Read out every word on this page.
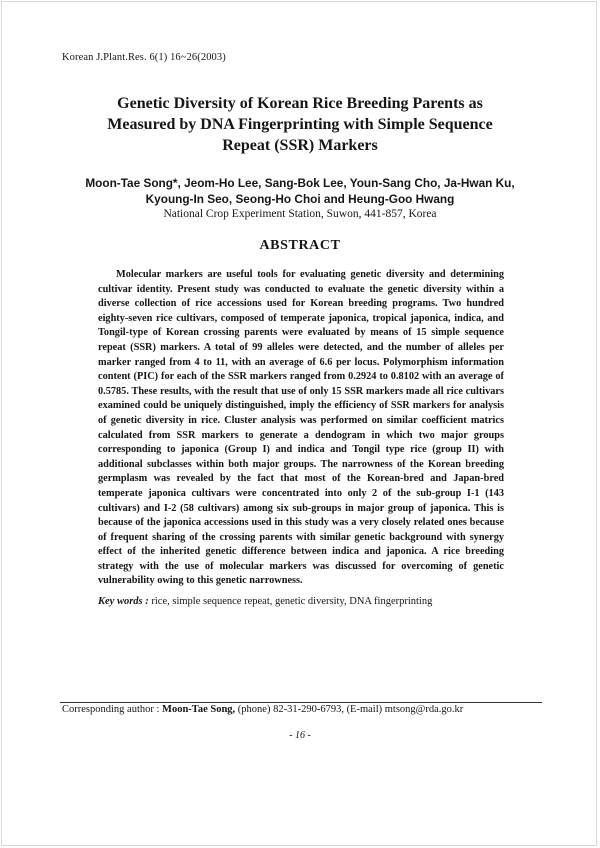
Korean J.Plant.Res. 6(1) 16~26(2003)
Genetic Diversity of Korean Rice Breeding Parents as Measured by DNA Fingerprinting with Simple Sequence Repeat (SSR) Markers

Moon-Tae Song*, Jeom-Ho Lee, Sang-Bok Lee, Youn-Sang Cho, Ja-Hwan Ku, Kyoung-In Seo, Seong-Ho Choi and Heung-Goo Hwang

National Crop Experiment Station, Suwon, 441-857, Korea

ABSTRACT

Molecular markers are useful tools for evaluating genetic diversity and determining cultivar identity. Present study was conducted to evaluate the genetic diversity within a diverse collection of rice accessions used for Korean breeding programs. Two hundred eighty-seven rice cultivars, composed of temperate japonica, tropical japonica, indica, and Tongil-type of Korean crossing parents were evaluated by means of 15 simple sequence repeat (SSR) markers. A total of 99 alleles were detected, and the number of alleles per marker ranged from 4 to 11, with an average of 6.6 per locus. Polymorphism information content (PIC) for each of the SSR markers ranged from 0.2924 to 0.8102 with an average of 0.5785. These results, with the result that use of only 15 SSR markers made all rice cultivars examined could be uniquely distinguished, imply the efficiency of SSR markers for analysis of genetic diversity in rice. Cluster analysis was performed on similar coefficient matrics calculated from SSR markers to generate a dendogram in which two major groups corresponding to japonica (Group I) and indica and Tongil type rice (group II) with additional subclasses within both major groups. The narrowness of the Korean breeding germplasm was revealed by the fact that most of the Korean-bred and Japan-bred temperate japonica cultivars were concentrated into only 2 of the sub-group I-1 (143 cultivars) and I-2 (58 cultivars) among six sub-groups in major group of japonica. This is because of the japonica accessions used in this study was a very closely related ones because of frequent sharing of the crossing parents with similar genetic background with synergy effect of the inherited genetic difference between indica and japonica. A rice breeding strategy with the use of molecular markers was discussed for overcoming of genetic vulnerability owing to this genetic narrowness.

Key words : rice, simple sequence repeat, genetic diversity, DNA fingerprinting

Corresponding author : Moon-Tae Song, (phone) 82-31-290-6793, (E-mail) mtsong@rda.go.kr
- 16 -
